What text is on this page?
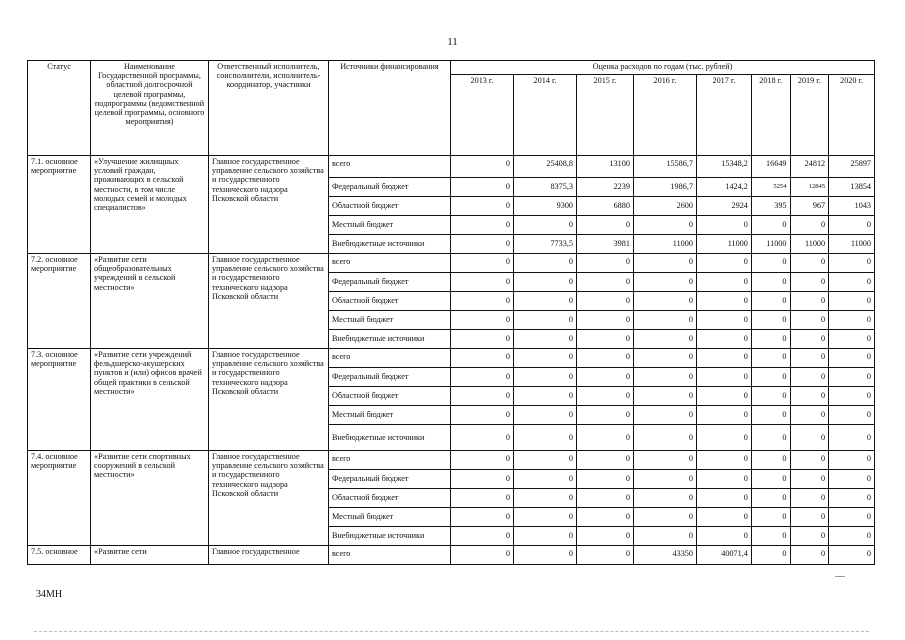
11
Статус	Наименование Государственной программы, областной долгосрочной целевой программы, подпрограммы (ведомственной целевой программы, основного мероприятия)	Ответственный исполнитель, соисполнители, исполнитель-координатор, участники	Источники финансирования	Оценка расходов по годам (тыс. рублей)							
				2013 г.	2014 г.	2015 г.	2016 г.	2017 г.	2018 г.	2019 г.	2020 г.
7.1. основное мероприятие	«Улучшение жилищных условий граждан, проживающих в сельской местности, в том числе молодых семей и молодых специалистов»	Главное государственное управление сельского хозяйства и государственного технического надзора Псковской области	всего	0	25408,8	13100	15586,7	15348,2	16649	24812	25897
			Федеральный бюджет	0	8375,3	2239	1986,7	1424,2	5254	12845	13854
			Областной бюджет	0	9300	6880	2600	2924	395	967	1043
			Местный бюджет	0	0	0	0	0	0	0	0
			Внебюджетные источники	0	7733,5	3981	11000	11000	11000	11000	11000
7.2. основное мероприятие	«Развитие сети общеобразовательных учреждений в сельской местности»	Главное государственное управление сельского хозяйства и государственного технического надзора Псковской области	всего	0	0	0	0	0	0	0	0
			Федеральный бюджет	0	0	0	0	0	0	0	0
			Областной бюджет	0	0	0	0	0	0	0	0
			Местный бюджет	0	0	0	0	0	0	0	0
			Внебюджетные источники	0	0	0	0	0	0	0	0
7.3. основное мероприятие	«Развитие сети учреждений фельдшерско-акушерских пунктов и (или) офисов врачей общей практики в сельской местности»	Главное государственное управление сельского хозяйства и государственного технического надзора Псковской области	всего	0	0	0	0	0	0	0	0
			Федеральный бюджет	0	0	0	0	0	0	0	0
			Областной бюджет	0	0	0	0	0	0	0	0
			Местный бюджет	0	0	0	0	0	0	0	0
			Внебюджетные источники	0	0	0	0	0	0	0	0
7.4. основное мероприятие	«Развитие сети спортивных сооружений в сельской местности»	Главное государственное управление сельского хозяйства и государственного технического надзора Псковской области	всего	0	0	0	0	0	0	0	0
			Федеральный бюджет	0	0	0	0	0	0	0	0
			Областной бюджет	0	0	0	0	0	0	0	0
			Местный бюджет	0	0	0	0	0	0	0	0
			Внебюджетные источники	0	0	0	0	0	0	0	0
7.5. основное	«Развитие сети	Главное государственное	всего	0	0	0	43350	40071,4	0	0	0
34МН
